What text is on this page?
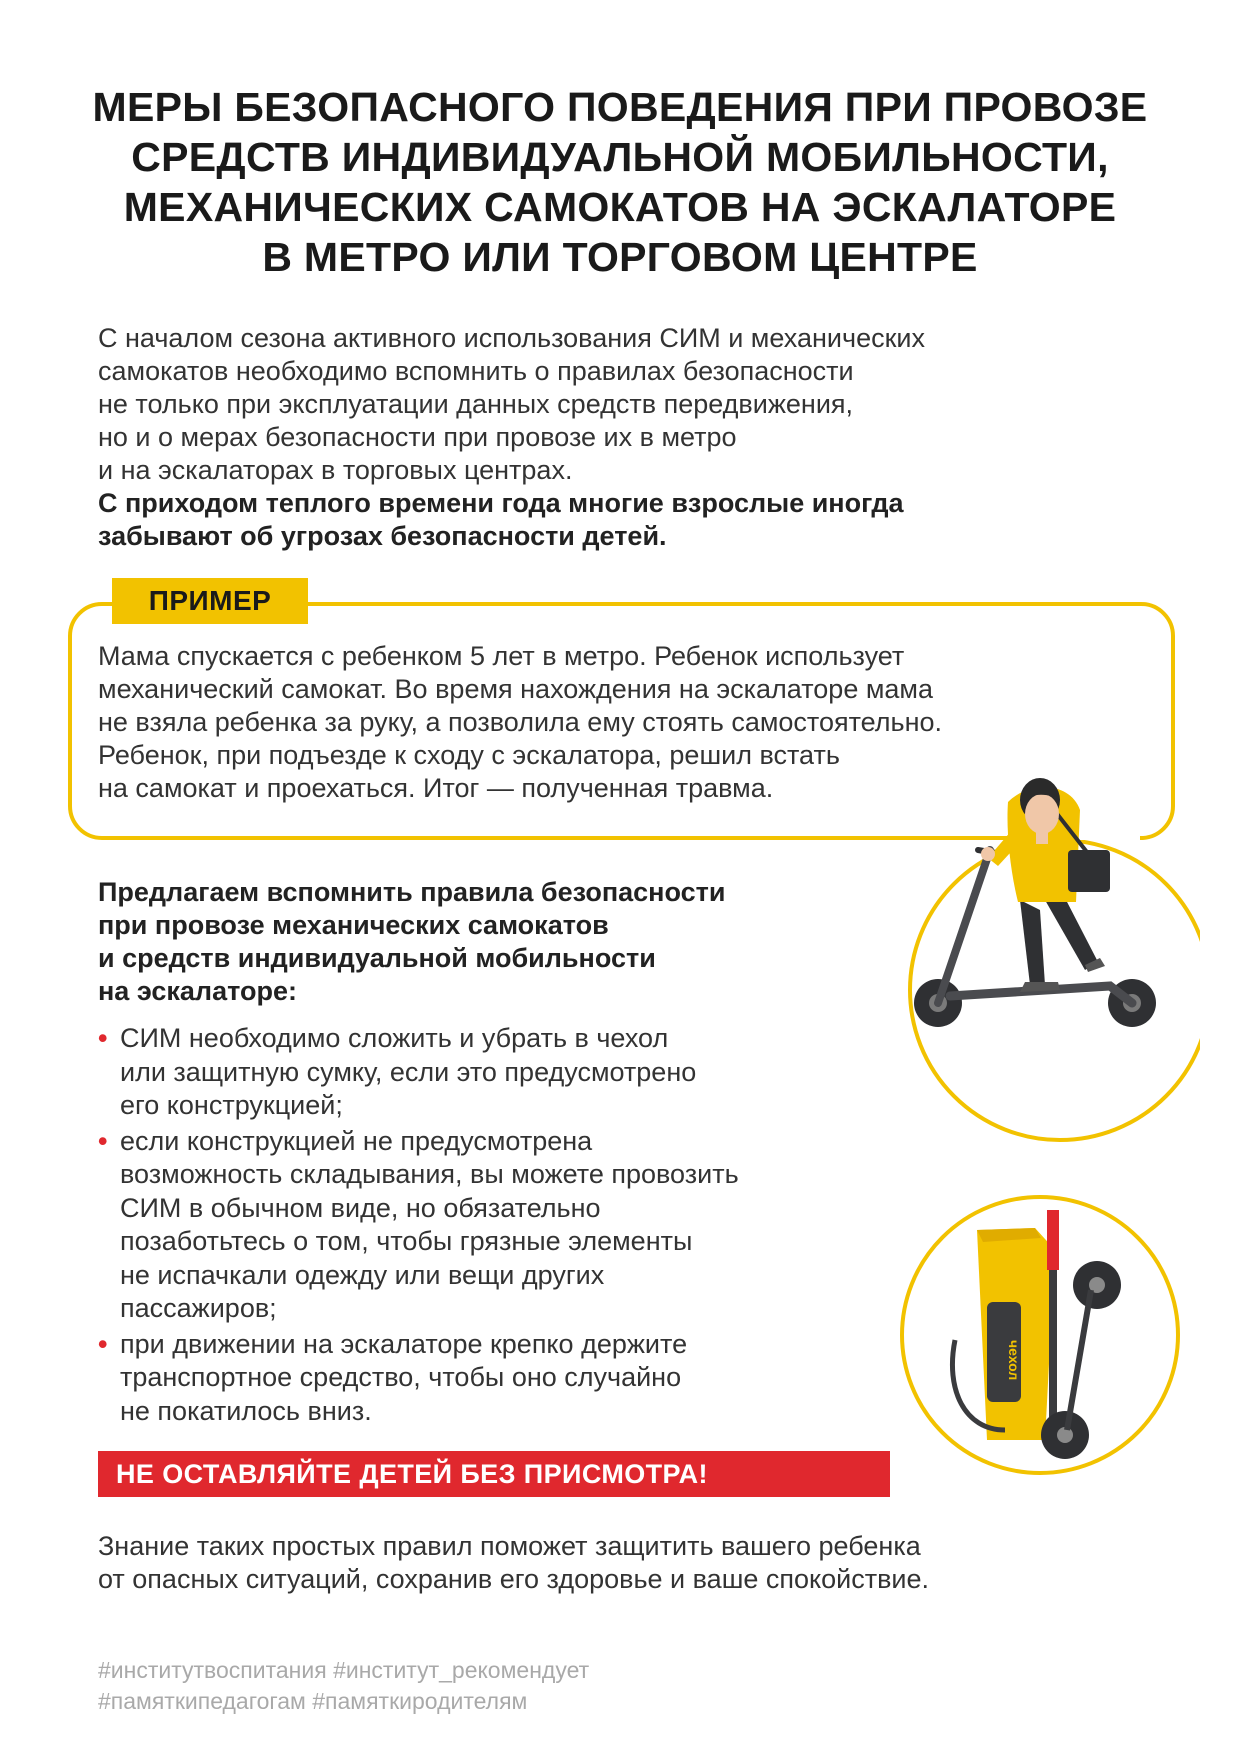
МЕРЫ БЕЗОПАСНОГО ПОВЕДЕНИЯ ПРИ ПРОВОЗЕ
СРЕДСТВ ИНДИВИДУАЛЬНОЙ МОБИЛЬНОСТИ,
МЕХАНИЧЕСКИХ САМОКАТОВ НА ЭСКАЛАТОРЕ
В МЕТРО ИЛИ ТОРГОВОМ ЦЕНТРЕ
С началом сезона активного использования СИМ и механических
самокатов необходимо вспомнить о правилах безопасности
не только при эксплуатации данных средств передвижения,
но и о мерах безопасности при провозе их в метро
и на эскалаторах в торговых центрах.
С приходом теплого времени года многие взрослые иногда
забывают об угрозах безопасности детей.
ПРИМЕР
Мама спускается с ребенком 5 лет в метро. Ребенок использует
механический самокат. Во время нахождения на эскалаторе мама
не взяла ребенка за руку, а позволила ему стоять самостоятельно.
Ребенок, при подъезде к сходу с эскалатора, решил встать
на самокат и проехаться. Итог — полученная травма.
Предлагаем вспомнить правила безопасности
при провозе механических самокатов
и средств индивидуальной мобильности
на эскалаторе:
• СИМ необходимо сложить и убрать в чехол
или защитную сумку, если это предусмотрено
его конструкцией;
• если конструкцией не предусмотрена
возможность складывания, вы можете провозить
СИМ в обычном виде, но обязательно
позаботьтесь о том, чтобы грязные элементы
не испачкали одежду или вещи других
пассажиров;
• при движении на эскалаторе крепко держите
транспортное средство, чтобы оно случайно
не покатилось вниз.
НЕ ОСТАВЛЯЙТЕ ДЕТЕЙ БЕЗ ПРИСМОТРА!
Знание таких простых правил поможет защитить вашего ребенка
от опасных ситуаций, сохранив его здоровье и ваше спокойствие.
#институтвоспитания #институт_рекомендует
#памяткипедагогам #памяткиродителям
чехол
